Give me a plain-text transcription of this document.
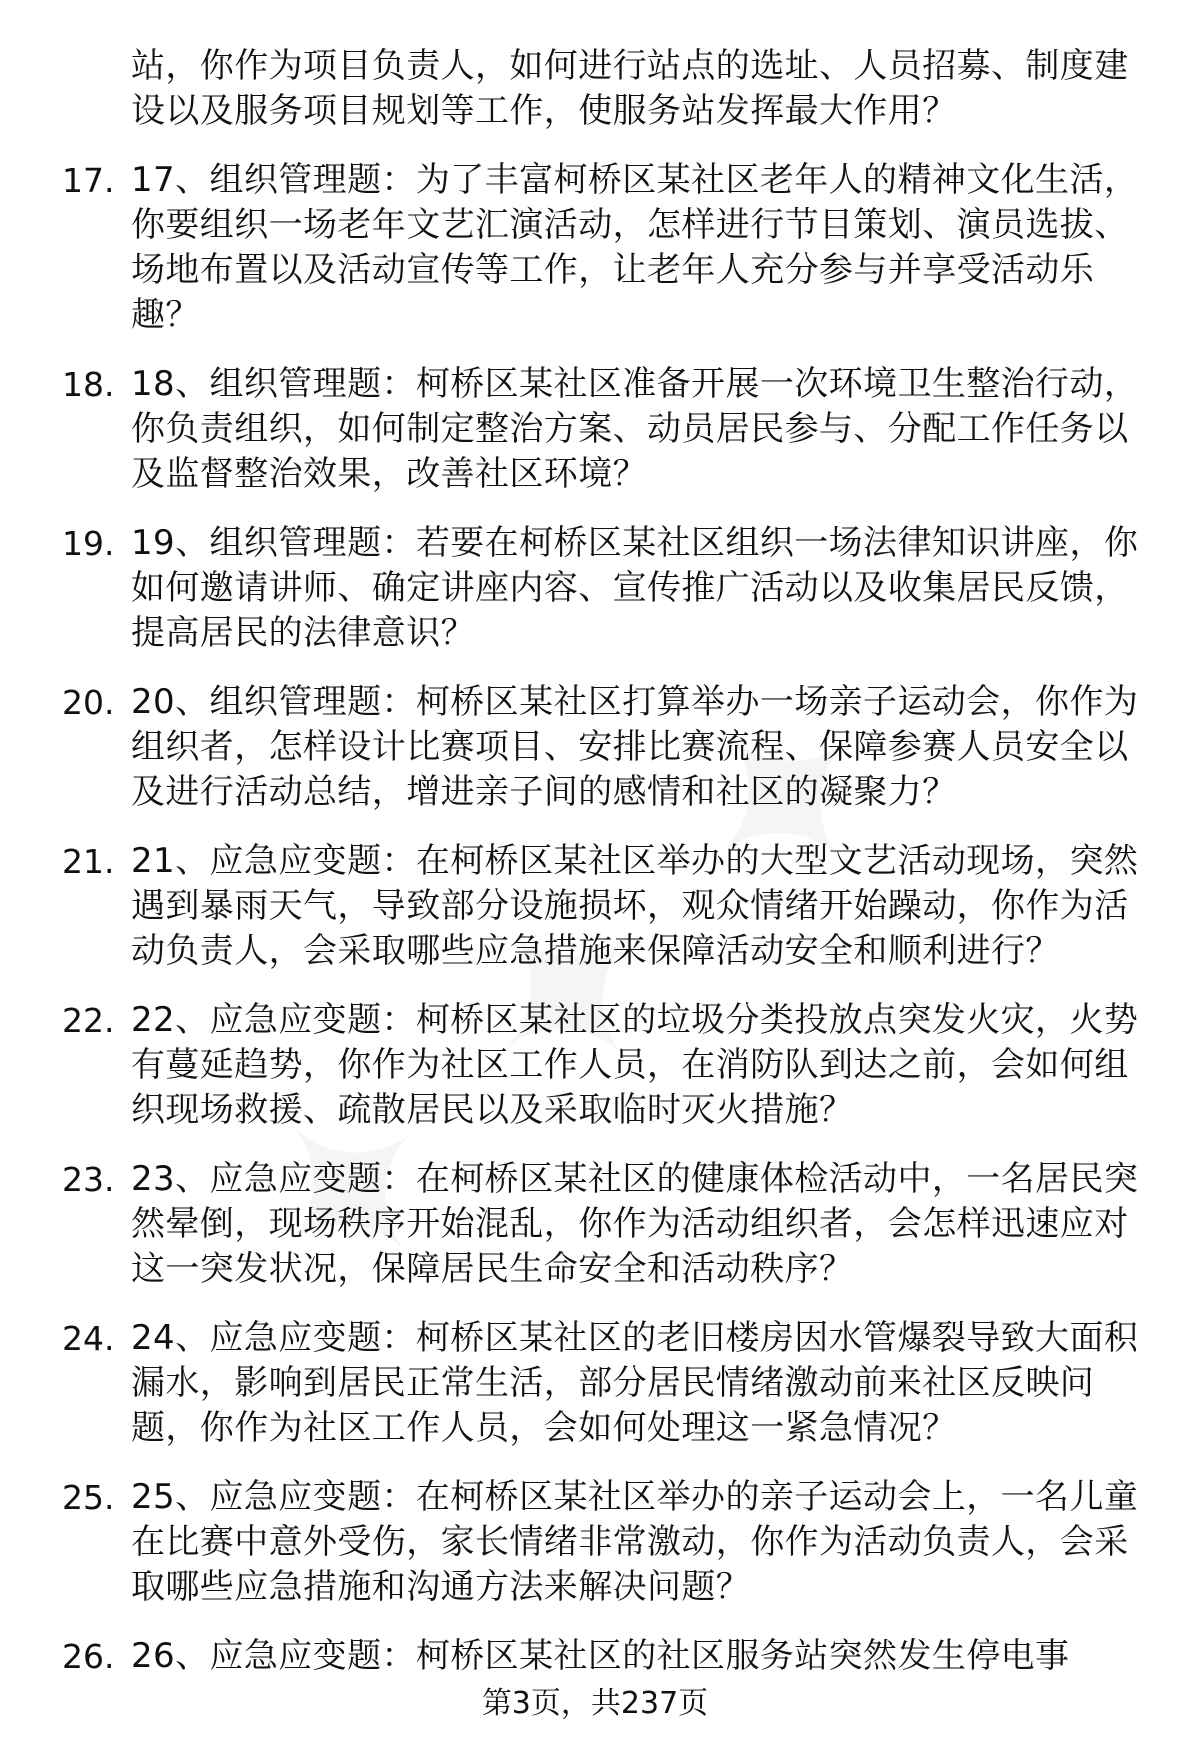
站，你作为项目负责人，如何进行站点的选址、人员招募、制度建设以及服务项目规划等工作，使服务站发挥最大作用？

17. 17、组织管理题：为了丰富柯桥区某社区老年人的精神文化生活，你要组织一场老年文艺汇演活动，怎样进行节目策划、演员选拔、场地布置以及活动宣传等工作，让老年人充分参与并享受活动乐趣？
18. 18、组织管理题：柯桥区某社区准备开展一次环境卫生整治行动，你负责组织，如何制定整治方案、动员居民参与、分配工作任务以及监督整治效果，改善社区环境？
19. 19、组织管理题：若要在柯桥区某社区组织一场法律知识讲座，你如何邀请讲师、确定讲座内容、宣传推广活动以及收集居民反馈，提高居民的法律意识？
20. 20、组织管理题：柯桥区某社区打算举办一场亲子运动会，你作为组织者，怎样设计比赛项目、安排比赛流程、保障参赛人员安全以及进行活动总结，增进亲子间的感情和社区的凝聚力？
21. 21、应急应变题：在柯桥区某社区举办的大型文艺活动现场，突然遇到暴雨天气，导致部分设施损坏，观众情绪开始躁动，你作为活动负责人，会采取哪些应急措施来保障活动安全和顺利进行？
22. 22、应急应变题：柯桥区某社区的垃圾分类投放点突发火灾，火势有蔓延趋势，你作为社区工作人员，在消防队到达之前，会如何组织现场救援、疏散居民以及采取临时灭火措施？
23. 23、应急应变题：在柯桥区某社区的健康体检活动中，一名居民突然晕倒，现场秩序开始混乱，你作为活动组织者，会怎样迅速应对这一突发状况，保障居民生命安全和活动秩序？
24. 24、应急应变题：柯桥区某社区的老旧楼房因水管爆裂导致大面积漏水，影响到居民正常生活，部分居民情绪激动前来社区反映问题，你作为社区工作人员，会如何处理这一紧急情况？
25. 25、应急应变题：在柯桥区某社区举办的亲子运动会上，一名儿童在比赛中意外受伤，家长情绪非常激动，你作为活动负责人，会采取哪些应急措施和沟通方法来解决问题？
26. 26、应急应变题：柯桥区某社区的社区服务站突然发生停电事
第3页，共237页
